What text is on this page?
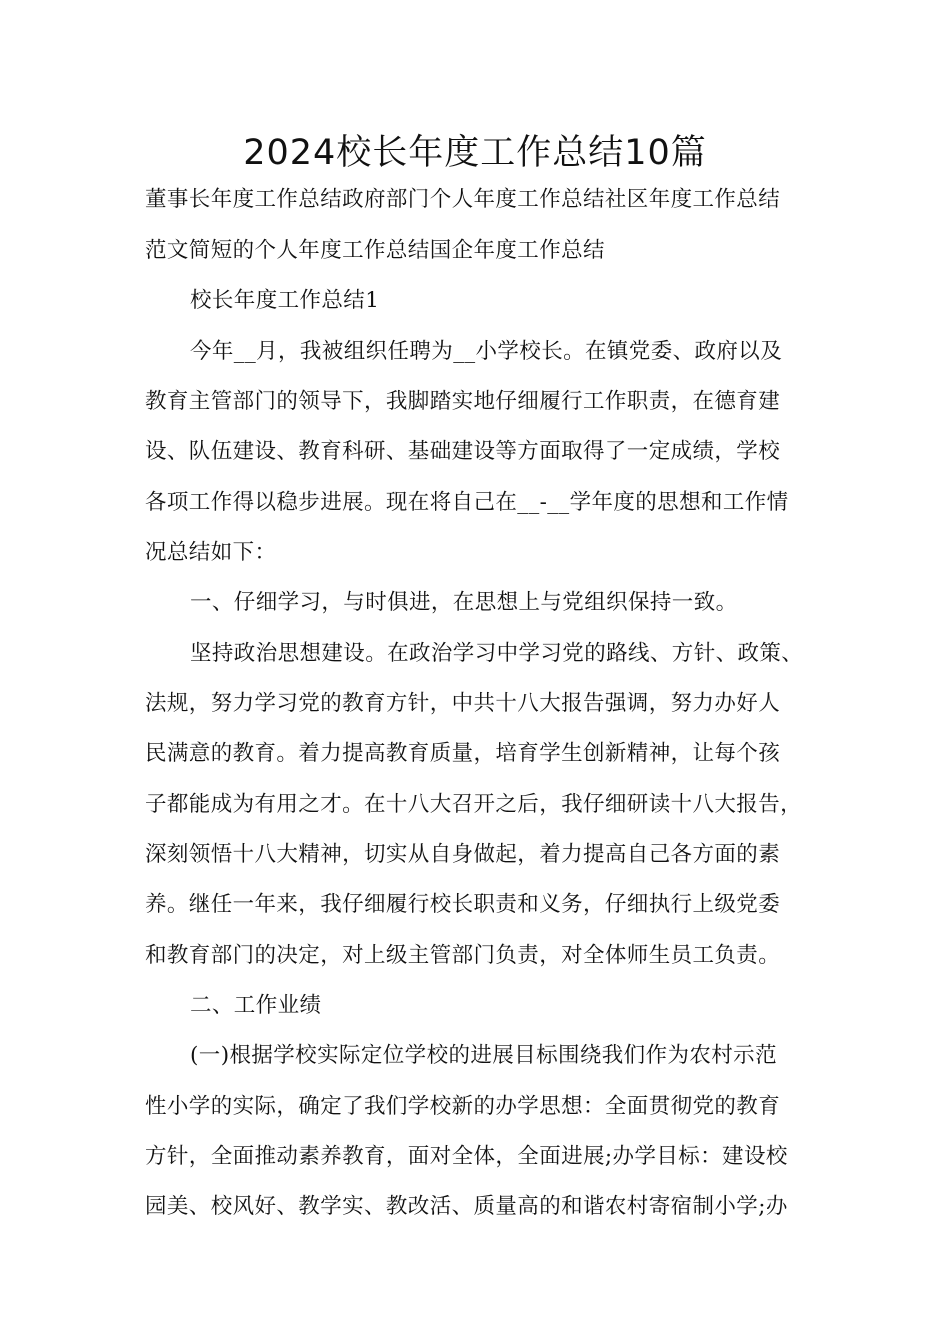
2024校长年度工作总结10篇
董事长年度工作总结政府部门个人年度工作总结社区年度工作总结
范文简短的个人年度工作总结国企年度工作总结
校长年度工作总结1
今年__月，我被组织任聘为__小学校长。在镇党委、政府以及
教育主管部门的领导下，我脚踏实地仔细履行工作职责，在德育建
设、队伍建设、教育科研、基础建设等方面取得了一定成绩，学校
各项工作得以稳步进展。现在将自己在__-__学年度的思想和工作情
况总结如下：
一、仔细学习，与时俱进，在思想上与党组织保持一致。
坚持政治思想建设。在政治学习中学习党的路线、方针、政策、
法规，努力学习党的教育方针，中共十八大报告强调，努力办好人
民满意的教育。着力提高教育质量，培育学生创新精神，让每个孩
子都能成为有用之才。在十八大召开之后，我仔细研读十八大报告，
深刻领悟十八大精神，切实从自身做起，着力提高自己各方面的素
养。继任一年来，我仔细履行校长职责和义务，仔细执行上级党委
和教育部门的决定，对上级主管部门负责，对全体师生员工负责。
二、工作业绩
(一)根据学校实际定位学校的进展目标围绕我们作为农村示范
性小学的实际，确定了我们学校新的办学思想：全面贯彻党的教育
方针，全面推动素养教育，面对全体，全面进展;办学目标：建设校
园美、校风好、教学实、教改活、质量高的和谐农村寄宿制小学;办
